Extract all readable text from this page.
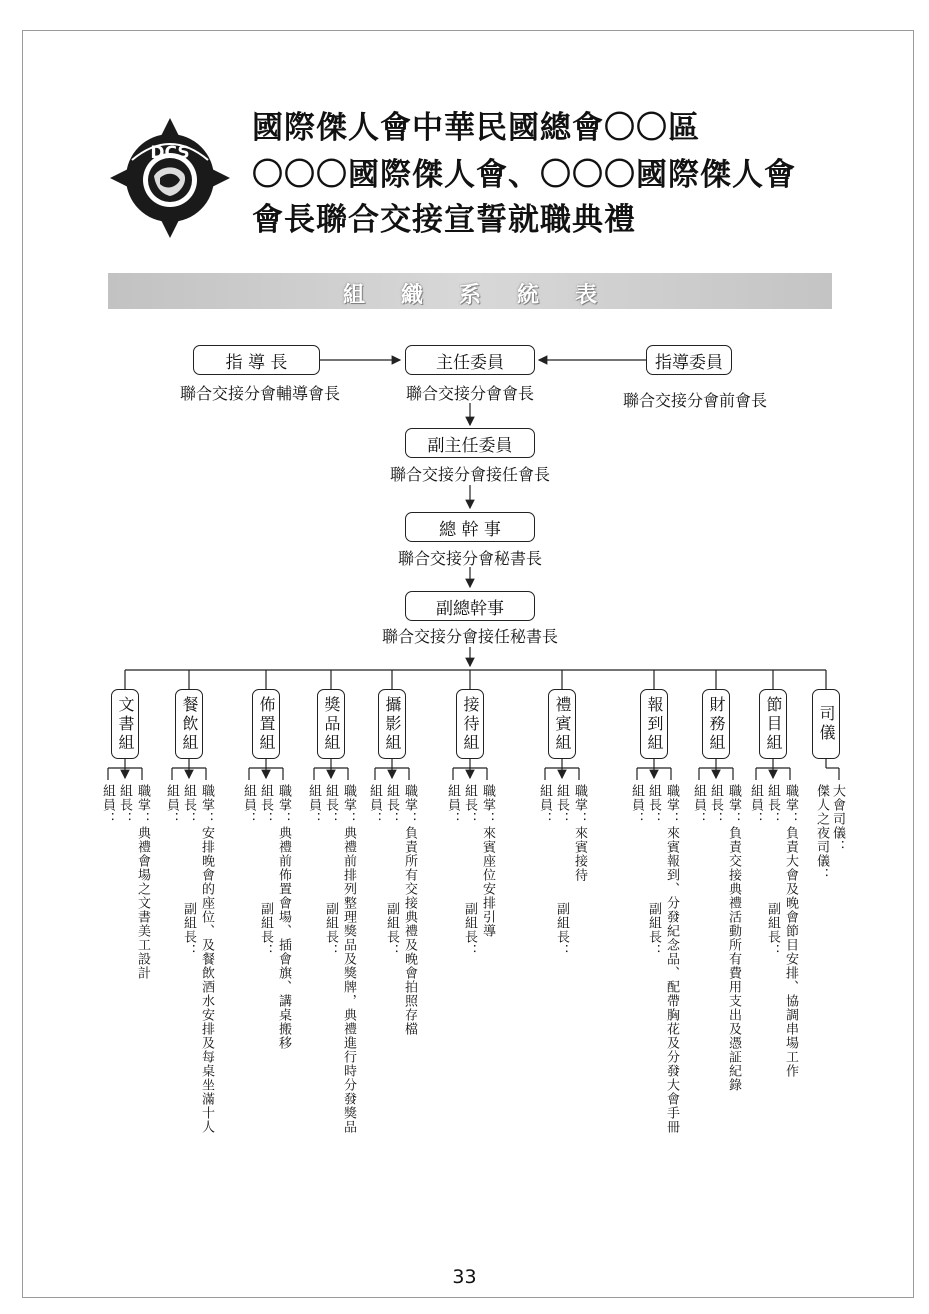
DCS
國際傑人會中華民國總會〇〇區
〇〇〇國際傑人會、〇〇〇國際傑人會
會長聯合交接宣誓就職典禮
組織系統表
指 導 長
聯合交接分會輔導會長
主任委員
聯合交接分會會長
指導委員
聯合交接分會前會長
副主任委員
聯合交接分會接任會長
總 幹 事
聯合交接分會秘書長
副總幹事
聯合交接分會接任秘書長
文書組
職掌：典禮會場之文書美工設計
組長：
組員：
餐飲組
職掌：安排晚會的座位、及餐飲酒水安排及每桌坐滿十人
組長：
組員：
副組長：
佈置組
職掌：典禮前佈置會場、插會旗、講桌搬移
組長：
組員：
副組長：
獎品組
職掌：典禮前排列整理獎品及獎牌，典禮進行時分發獎品
組長：
組員：
副組長：
攝影組
職掌：負責所有交接典禮及晚會拍照存檔
組長：
組員：
副組長：
接待組
職掌：來賓座位安排引導
組長：
組員：
副組長：
禮賓組
職掌：來賓接待
組長：
組員：
副組長：
報到組
職掌：來賓報到、分發紀念品、配帶胸花及分發大會手冊
組長：
組員：
副組長：
財務組
職掌：負責交接典禮活動所有費用支出及憑証紀錄
組長：
組員：
節目組
職掌：負責大會及晚會節目安排、協調串場工作
組長：
組員：
副組長：
司儀
大會司儀：
傑人之夜司儀：
33
